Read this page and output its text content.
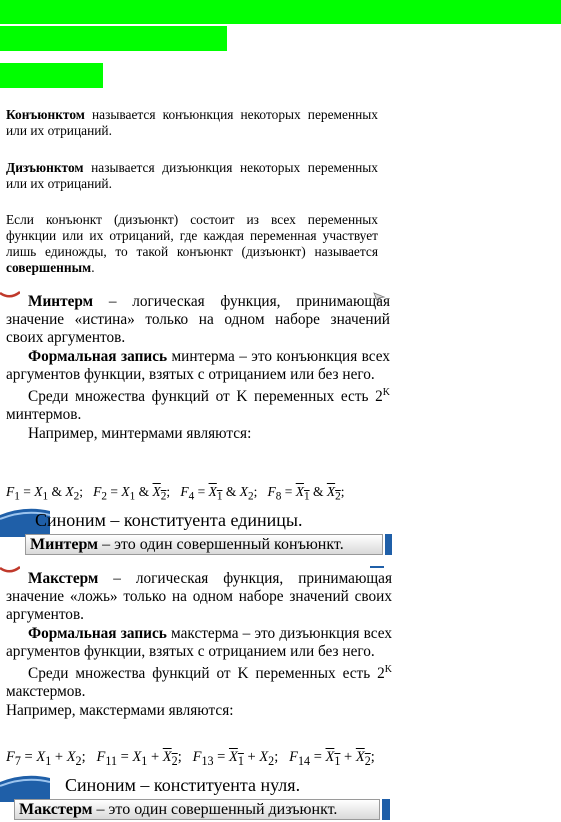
Конъюнктом называется конъюнкция некоторых переменных или их отрицаний.

Дизъюнктом называется дизъюнкция некоторых переменных или их отрицаний.

Если конъюнкт (дизъюнкт) состоит из всех переменных функции или их отрицаний, где каждая переменная участвует лишь единожды, то такой конъюнкт (дизъюнкт) называется совершенным.

Минтерм – логическая функция, принимающая значение «истина» только на одном наборе значений своих аргументов.

Формальная запись минтерма – это конъюнкция всех аргументов функции, взятых с отрицанием или без него.

Среди множества функций от K переменных есть $2^K$ минтермов.

Например, минтермами являются:

$F_1 = X_1$ & $X_2$;   $F_2 = X_1$ & $X_2$;   $F_4 = X_1$ & $X_2$;   $F_8 = X_1$ & $X_2$;
Синоним – конституента единицы.
Минтерм – это один совершенный конъюнкт.

Макстерм – логическая функция, принимающая значение «ложь» только на одном наборе значений своих аргументов.

Формальная запись макстерма – это дизъюнкция всех аргументов функции, взятых с отрицанием или без него.

Среди множества функций от K переменных есть $2^K$ макстермов.

Например, макстермами являются:

$F_7 = X_1 + X_2$;   $F_{11} = X_1 + X_2$;   $F_{13} = X_1 + X_2$;   $F_{14} = X_1 + X_2$;
Синоним – конституента нуля.
Макстерм – это один совершенный дизъюнкт.
